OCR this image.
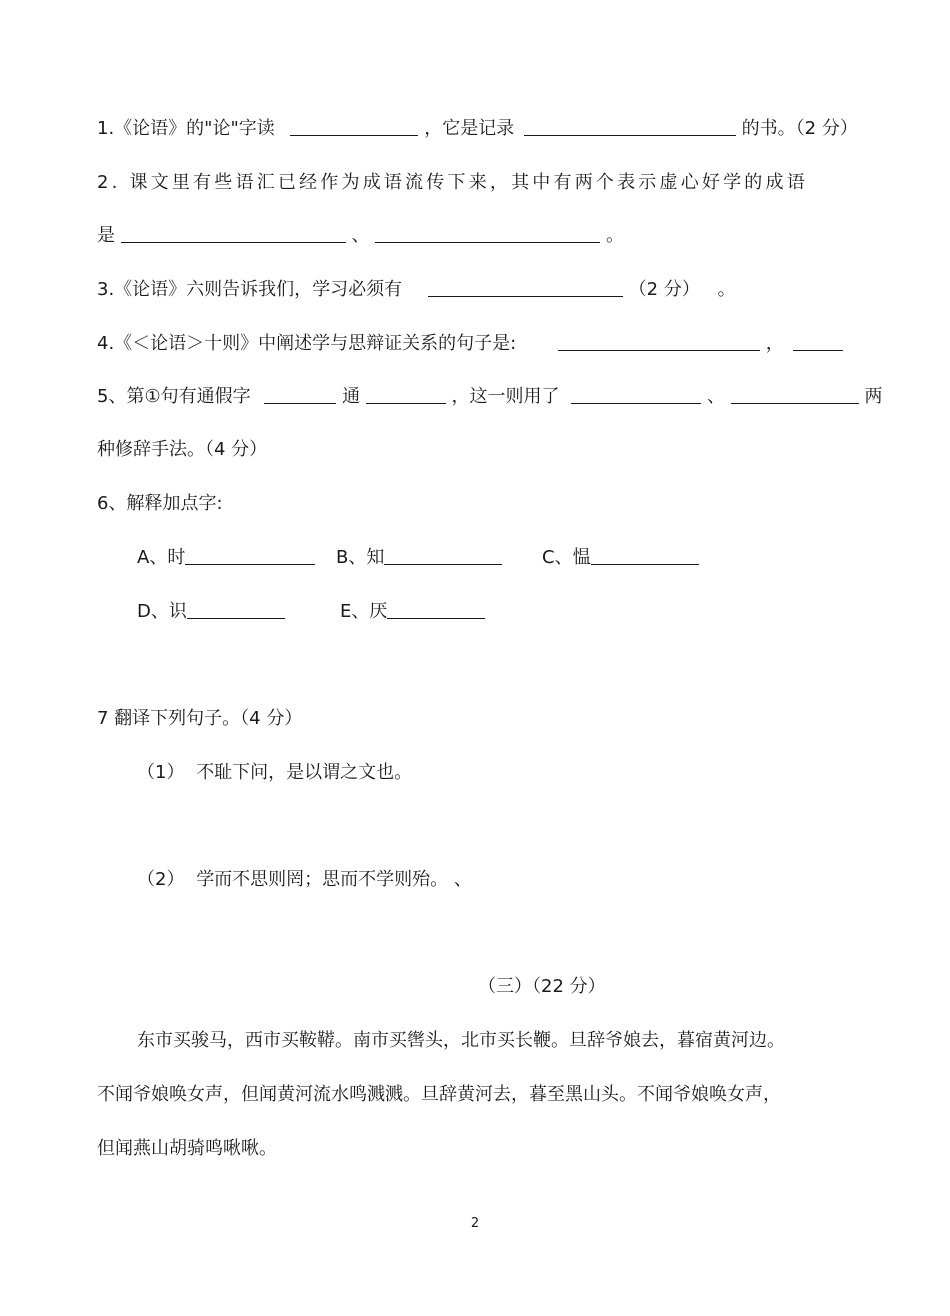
1.《论语》的"论"字读	，它是记录	的书。（2 分）
2. 课文里有些语汇已经作为成语流传下来，其中有两个表示虚心好学的成语
是	、	。
3.《论语》六则告诉我们，学习必须有	（2 分） 。
4.《＜论语＞十则》中阐述学与思辩证关系的句子是:	，
5、第①句有通假字	通	，这一则用了	、	两
种修辞手法。（4 分）
6、解释加点字:
A、时	B、知	C、愠
D、识	E、厌
7 翻译下列句子。（4 分）
（1） 不耻下问，是以谓之文也。
（2） 学而不思则罔；思而不学则殆。 、
（三）（22 分）
东市买骏马，西市买鞍鞯。南市买辔头，北市买长鞭。旦辞爷娘去，暮宿黄河边。
不闻爷娘唤女声，但闻黄河流水鸣溅溅。旦辞黄河去，暮至黑山头。不闻爷娘唤女声，
但闻燕山胡骑鸣啾啾。
2
